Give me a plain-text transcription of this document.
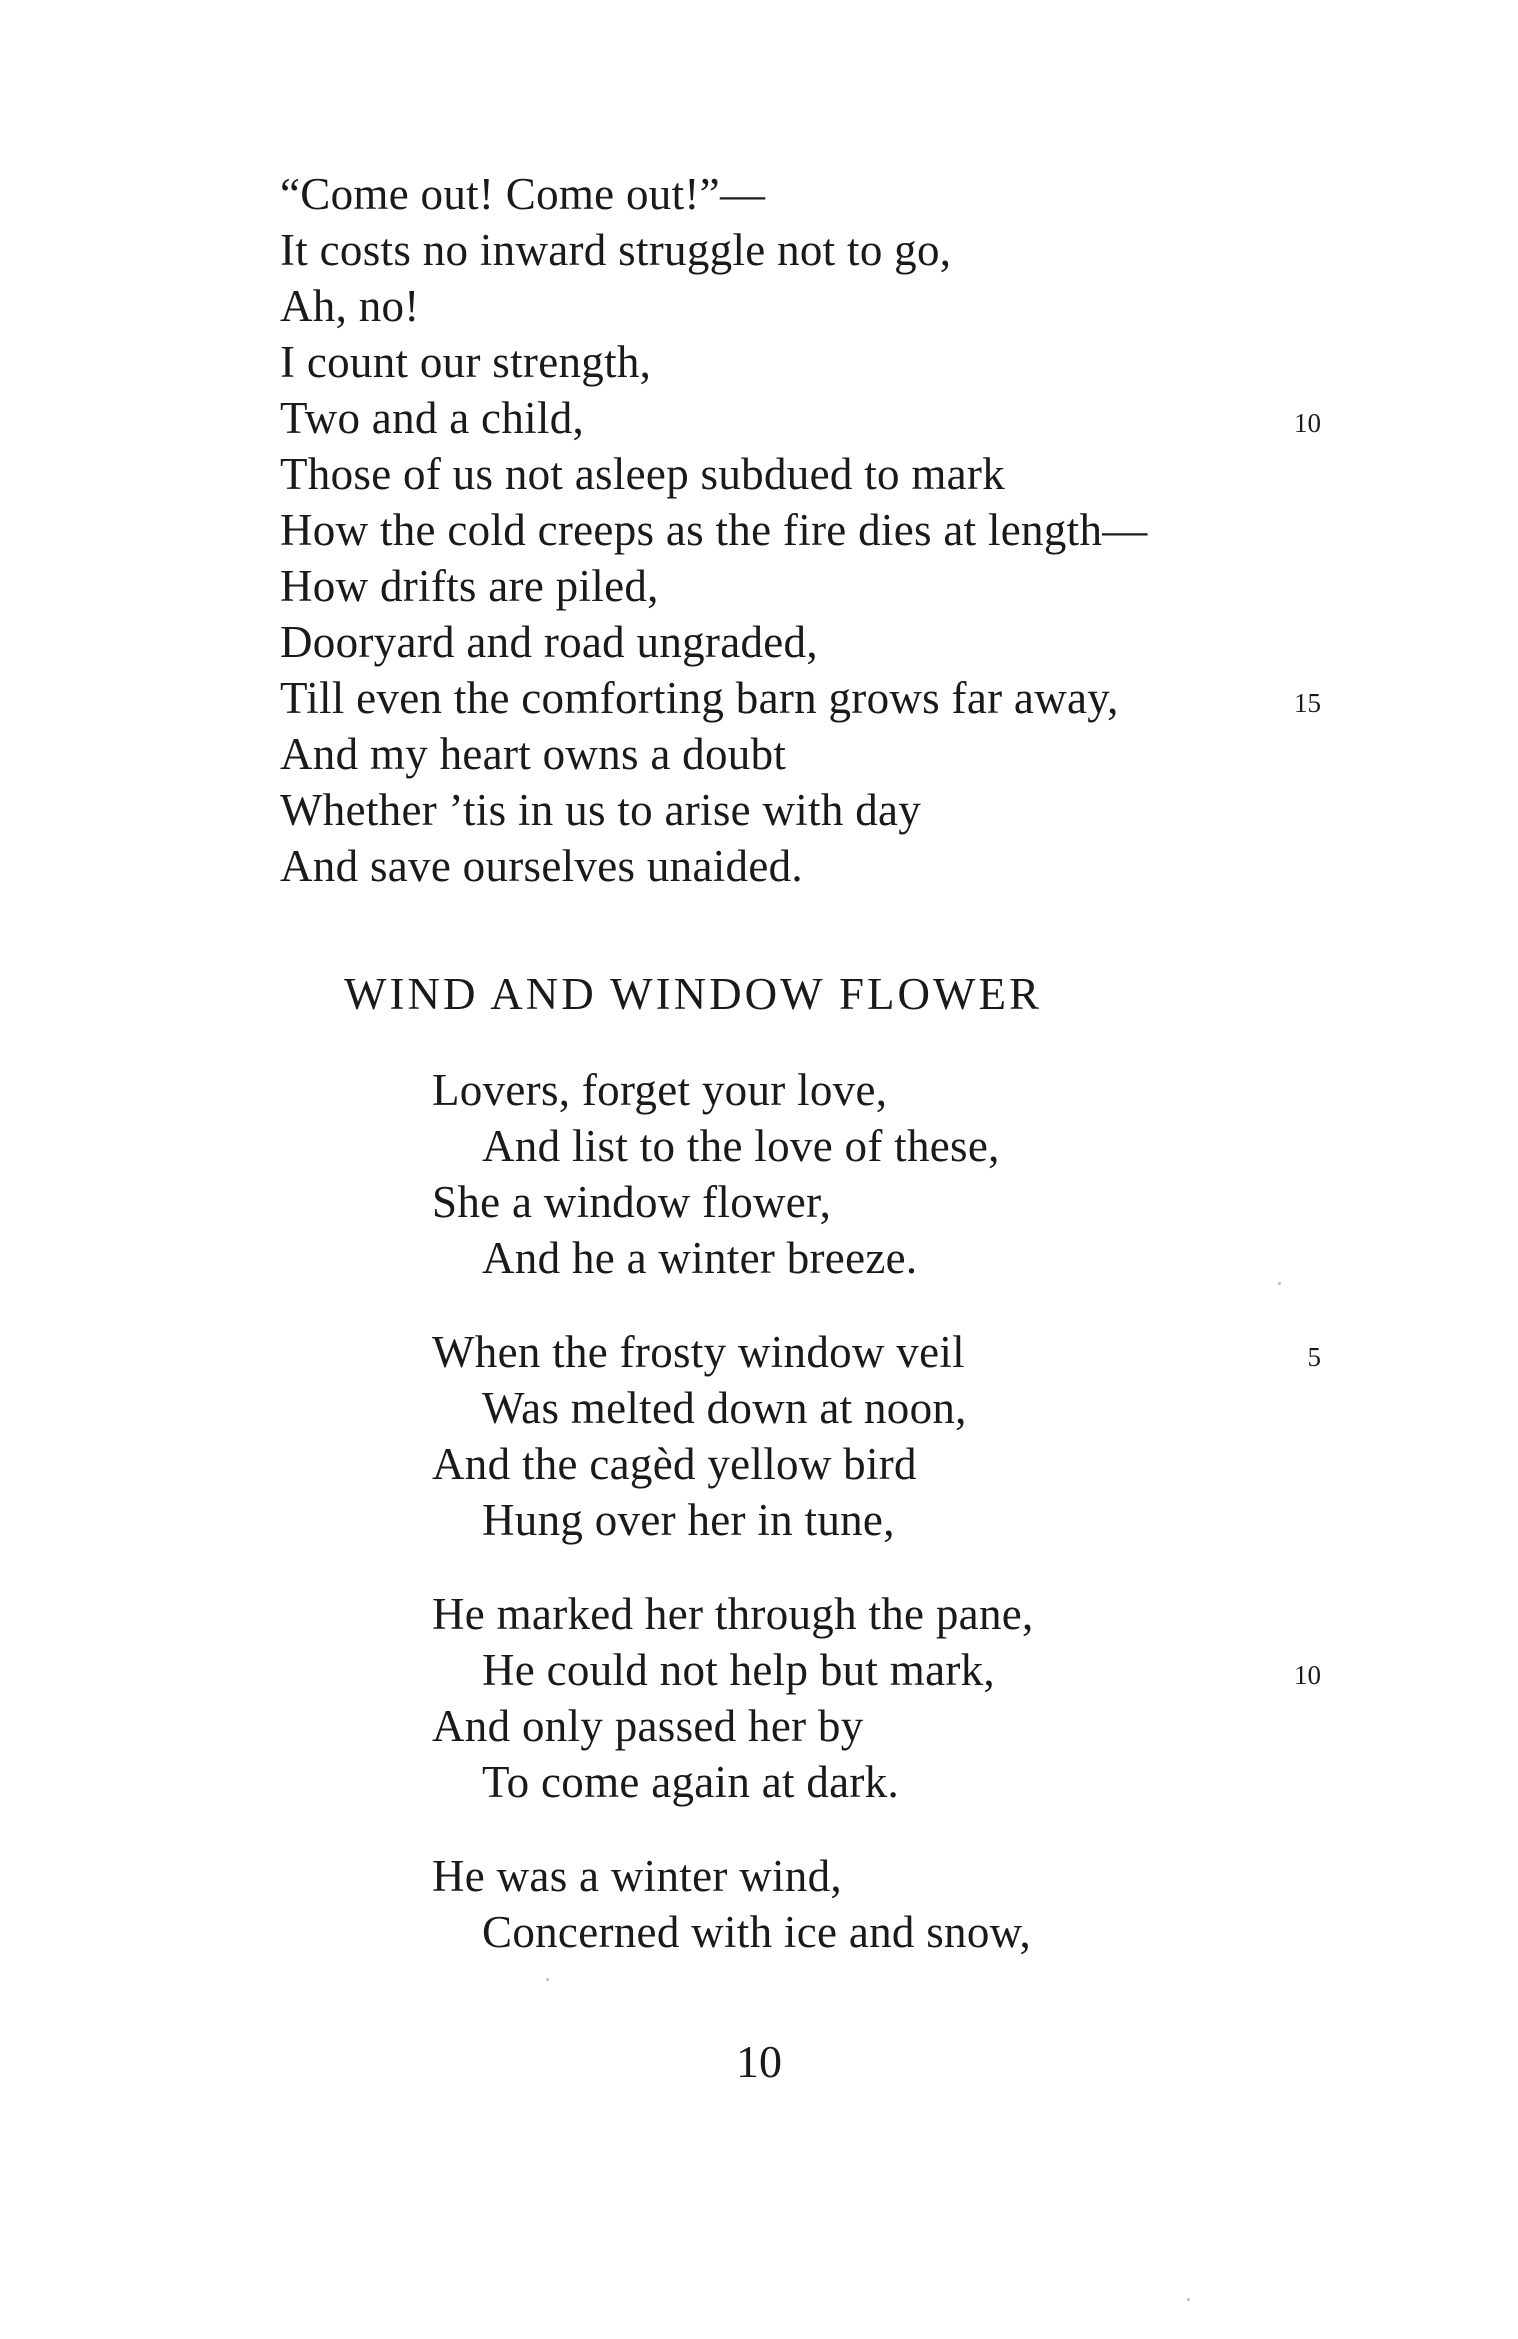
“Come out! Come out!”—
It costs no inward struggle not to go,
Ah, no!
I count our strength,
Two and a child,	10
Those of us not asleep subdued to mark
How the cold creeps as the fire dies at length—
How drifts are piled,
Dooryard and road ungraded,
Till even the comforting barn grows far away,	15
And my heart owns a doubt
Whether ’tis in us to arise with day
And save ourselves unaided.
WIND AND WINDOW FLOWER
Lovers, forget your love,
And list to the love of these,
She a window flower,
And he a winter breeze.
When the frosty window veil	5
Was melted down at noon,
And the cagèd yellow bird
Hung over her in tune,
He marked her through the pane,
He could not help but mark,	10
And only passed her by
To come again at dark.
He was a winter wind,
Concerned with ice and snow,
10
